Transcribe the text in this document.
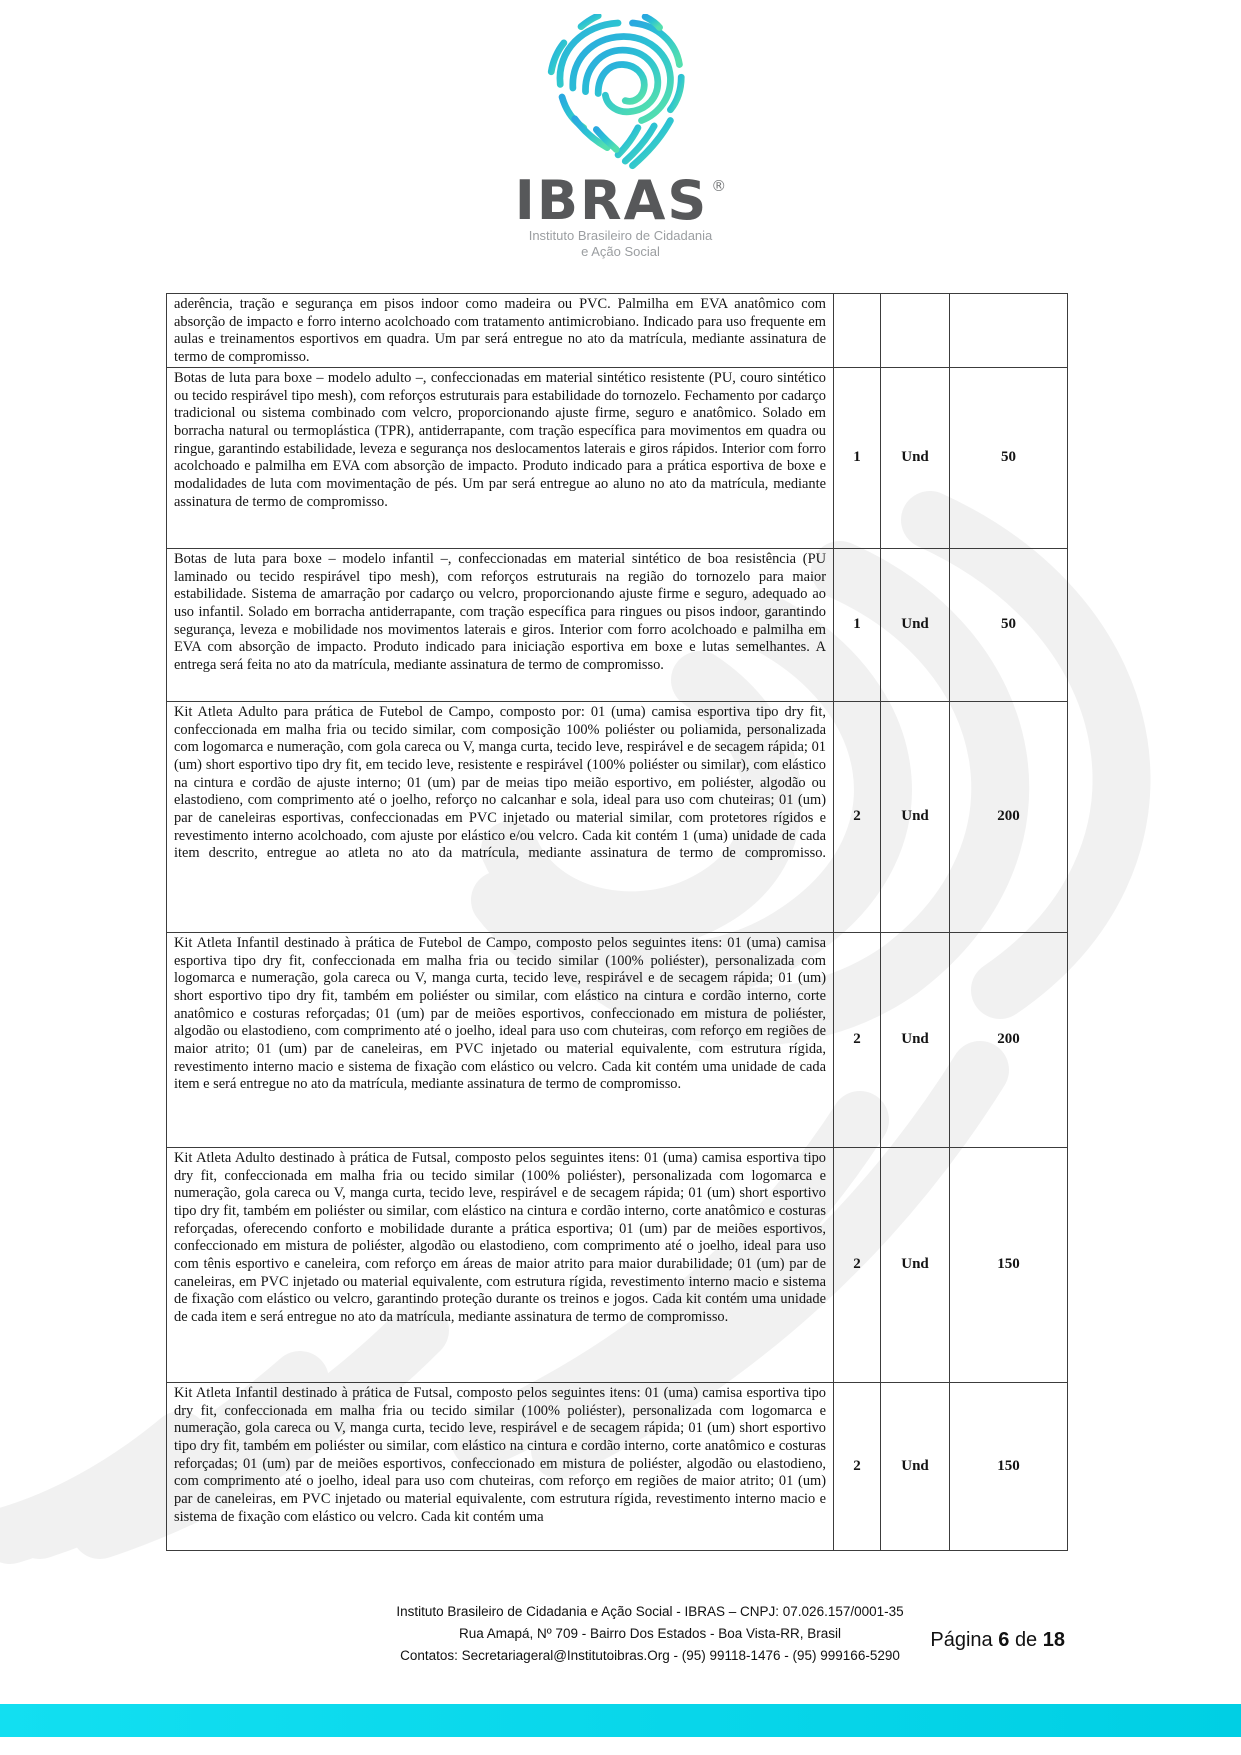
IBRAS ®
Instituto Brasileiro de Cidadania
e Ação Social
aderência, tração e segurança em pisos indoor como madeira ou PVC. Palmilha em EVA anatômico com absorção de impacto e forro interno acolchoado com tratamento antimicrobiano. Indicado para uso frequente em aulas e treinamentos esportivos em quadra. Um par será entregue no ato da matrícula, mediante assinatura de termo de compromisso.			
Botas de luta para boxe – modelo adulto –, confeccionadas em material sintético resistente (PU, couro sintético ou tecido respirável tipo mesh), com reforços estruturais para estabilidade do tornozelo. Fechamento por cadarço tradicional ou sistema combinado com velcro, proporcionando ajuste firme, seguro e anatômico. Solado em borracha natural ou termoplástica (TPR), antiderrapante, com tração específica para movimentos em quadra ou ringue, garantindo estabilidade, leveza e segurança nos deslocamentos laterais e giros rápidos. Interior com forro acolchoado e palmilha em EVA com absorção de impacto. Produto indicado para a prática esportiva de boxe e modalidades de luta com movimentação de pés. Um par será entregue ao aluno no ato da matrícula, mediante assinatura de termo de compromisso.	1	Und	50
Botas de luta para boxe – modelo infantil –, confeccionadas em material sintético de boa resistência (PU laminado ou tecido respirável tipo mesh), com reforços estruturais na região do tornozelo para maior estabilidade. Sistema de amarração por cadarço ou velcro, proporcionando ajuste firme e seguro, adequado ao uso infantil. Solado em borracha antiderrapante, com tração específica para ringues ou pisos indoor, garantindo segurança, leveza e mobilidade nos movimentos laterais e giros. Interior com forro acolchoado e palmilha em EVA com absorção de impacto. Produto indicado para iniciação esportiva em boxe e lutas semelhantes. A entrega será feita no ato da matrícula, mediante assinatura de termo de compromisso.	1	Und	50
Kit Atleta Adulto para prática de Futebol de Campo, composto por: 01 (uma) camisa esportiva tipo dry fit, confeccionada em malha fria ou tecido similar, com composição 100% poliéster ou poliamida, personalizada com logomarca e numeração, com gola careca ou V, manga curta, tecido leve, respirável e de secagem rápida; 01 (um) short esportivo tipo dry fit, em tecido leve, resistente e respirável (100% poliéster ou similar), com elástico na cintura e cordão de ajuste interno; 01 (um) par de meias tipo meião esportivo, em poliéster, algodão ou elastodieno, com comprimento até o joelho, reforço no calcanhar e sola, ideal para uso com chuteiras; 01 (um) par de caneleiras esportivas, confeccionadas em PVC injetado ou material similar, com protetores rígidos e revestimento interno acolchoado, com ajuste por elástico e/ou velcro. Cada kit contém 1 (uma) unidade de cada item descrito, entregue ao atleta no ato da matrícula, mediante assinatura de termo de compromisso.	2	Und	200
Kit Atleta Infantil destinado à prática de Futebol de Campo, composto pelos seguintes itens: 01 (uma) camisa esportiva tipo dry fit, confeccionada em malha fria ou tecido similar (100% poliéster), personalizada com logomarca e numeração, gola careca ou V, manga curta, tecido leve, respirável e de secagem rápida; 01 (um) short esportivo tipo dry fit, também em poliéster ou similar, com elástico na cintura e cordão interno, corte anatômico e costuras reforçadas; 01 (um) par de meiões esportivos, confeccionado em mistura de poliéster, algodão ou elastodieno, com comprimento até o joelho, ideal para uso com chuteiras, com reforço em regiões de maior atrito; 01 (um) par de caneleiras, em PVC injetado ou material equivalente, com estrutura rígida, revestimento interno macio e sistema de fixação com elástico ou velcro. Cada kit contém uma unidade de cada item e será entregue no ato da matrícula, mediante assinatura de termo de compromisso.	2	Und	200
Kit Atleta Adulto destinado à prática de Futsal, composto pelos seguintes itens: 01 (uma) camisa esportiva tipo dry fit, confeccionada em malha fria ou tecido similar (100% poliéster), personalizada com logomarca e numeração, gola careca ou V, manga curta, tecido leve, respirável e de secagem rápida; 01 (um) short esportivo tipo dry fit, também em poliéster ou similar, com elástico na cintura e cordão interno, corte anatômico e costuras reforçadas, oferecendo conforto e mobilidade durante a prática esportiva; 01 (um) par de meiões esportivos, confeccionado em mistura de poliéster, algodão ou elastodieno, com comprimento até o joelho, ideal para uso com tênis esportivo e caneleira, com reforço em áreas de maior atrito para maior durabilidade; 01 (um) par de caneleiras, em PVC injetado ou material equivalente, com estrutura rígida, revestimento interno macio e sistema de fixação com elástico ou velcro, garantindo proteção durante os treinos e jogos. Cada kit contém uma unidade de cada item e será entregue no ato da matrícula, mediante assinatura de termo de compromisso.	2	Und	150
Kit Atleta Infantil destinado à prática de Futsal, composto pelos seguintes itens: 01 (uma) camisa esportiva tipo dry fit, confeccionada em malha fria ou tecido similar (100% poliéster), personalizada com logomarca e numeração, gola careca ou V, manga curta, tecido leve, respirável e de secagem rápida; 01 (um) short esportivo tipo dry fit, também em poliéster ou similar, com elástico na cintura e cordão interno, corte anatômico e costuras reforçadas; 01 (um) par de meiões esportivos, confeccionado em mistura de poliéster, algodão ou elastodieno, com comprimento até o joelho, ideal para uso com chuteiras, com reforço em regiões de maior atrito; 01 (um) par de caneleiras, em PVC injetado ou material equivalente, com estrutura rígida, revestimento interno macio e sistema de fixação com elástico ou velcro. Cada kit contém uma	2	Und	150
Instituto Brasileiro de Cidadania e Ação Social - IBRAS – CNPJ: 07.026.157/0001-35
Rua Amapá, Nº 709 - Bairro Dos Estados - Boa Vista-RR, Brasil
Contatos: Secretariageral@Institutoibras.Org - (95) 99118-1476 - (95) 999166-5290
Página 6 de 18
